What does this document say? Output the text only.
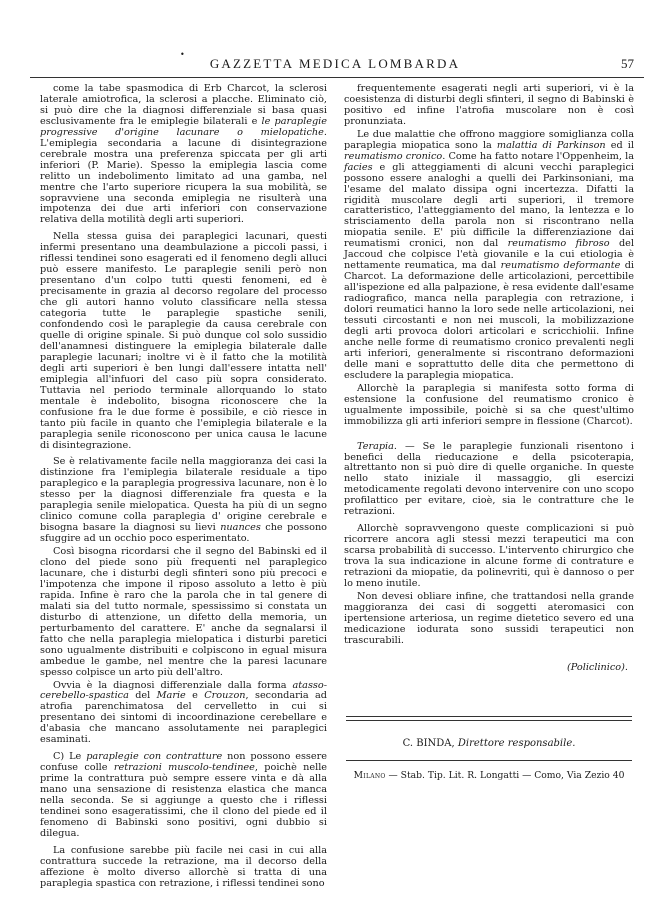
•
GAZZETTA MEDICA LOMBARDA	57

come la tabe spasmodica di Erb Charcot, la sclerosi laterale amiotrofica, la sclerosi a placche. Eliminato ciò, si può dire che la diagnosi differenziale si basa quasi esclusivamente fra le emiplegie bilaterali e le paraplegie progressive d'origine lacunare o mielopatiche. L'emiplegia secondaria a lacune di disintegrazione cerebrale mostra una preferenza spiccata per gli arti inferiori (P. Marie). Spesso la emiplegia lascia come relitto un indebolimento limitato ad una gamba, nel mentre che l'arto superiore ricupera la sua mobilità, se sopravviene una seconda emiplegia ne risulterà una impotenza dei due arti inferiori con conservazione relativa della motilità degli arti superiori.

Nella stessa guisa dei paraplegici lacunari, questi infermi presentano una deambulazione a piccoli passi, i riflessi tendinei sono esagerati ed il fenomeno degli alluci può essere manifesto. Le paraplegie senili però non presentano d'un colpo tutti questi fenomeni, ed è precisamente in grazia al decorso regolare del processo che gli autori hanno voluto classificare nella stessa categoria tutte le paraplegie spastiche senili, confondendo così le paraplegie da causa cerebrale con quelle di origine spinale. Si può dunque col solo sussidio dell'anamnesi distinguere la emiplegia bilaterale dalle paraplegie lacunari; inoltre vi è il fatto che la motilità degli arti superiori è ben lungi dall'essere intatta nell' emiplegia all'infuori del caso più sopra considerato. Tuttavia nel periodo terminale allorquando lo stato mentale è indebolito, bisogna riconoscere che la confusione fra le due forme è possibile, e ciò riesce in tanto più facile in quanto che l'emiplegia bilaterale e la paraplegia senile riconoscono per unica causa le lacune di disintegrazione.

Se è relativamente facile nella maggioranza dei casi la distinzione fra l'emiplegia bilaterale residuale a tipo paraplegico e la paraplegia progressiva lacunare, non è lo stesso per la diagnosi differenziale fra questa e la paraplegia senile mielopatica. Questa ha più di un segno clinico comune colla paraplegia d' origine cerebrale e bisogna basare la diagnosi su lievi nuances che possono sfuggire ad un occhio poco esperimentato.

Così bisogna ricordarsi che il segno del Babinski ed il clono del piede sono più frequenti nel paraplegico lacunare, che i disturbi degli sfinteri sono più precoci e l'impotenza che impone il riposo assoluto a letto è più rapida. Infine è raro che la parola che in tal genere di malati sia del tutto normale, spessissimo si constata un disturbo di attenzione, un difetto della memoria, un perturbamento del carattere. E' anche da segnalarsi il fatto che nella paraplegia mielopatica i disturbi paretici sono ugualmente distribuiti e colpiscono in egual misura ambedue le gambe, nel mentre che la paresi lacunare spesso colpisce un arto più dell'altro.

Ovvia è la diagnosi differenziale dalla forma atasso-cerebello-spastica del Marie e Crouzon, secondaria ad atrofia parenchimatosa del cervelletto in cui si presentano dei sintomi di incoordinazione cerebellare e d'abasia che mancano assolutamente nei paraplegici esaminati.

C) Le paraplegie con contratture non possono essere confuse colle retrazioni muscolo-tendinee, poichè nelle prime la contrattura può sempre essere vinta e dà alla mano una sensazione di resistenza elastica che manca nella seconda. Se si aggiunge a questo che i riflessi tendinei sono esageratissimi, che il clono del piede ed il fenomeno di Babinski sono positivi, ogni dubbio si dilegua.

La confusione sarebbe più facile nei casi in cui alla contrattura succede la retrazione, ma il decorso della affezione è molto diverso allorchè si tratta di una paraplegia spastica con retrazione, i riflessi tendinei sono

frequentemente esagerati negli arti superiori, vi è la coesistenza di disturbi degli sfinteri, il segno di Babinski è positivo ed infine l'atrofia muscolare non è così pronunziata.

Le due malattie che offrono maggiore somiglianza colla paraplegia miopatica sono la malattia di Parkinson ed il reumatismo cronico. Come ha fatto notare l'Oppenheim, la facies e gli atteggiamenti di alcuni vecchi paraplegici possono essere analoghi a quelli dei Parkinsoniani, ma l'esame del malato dissipa ogni incertezza. Difatti la rigidità muscolare degli arti superiori, il tremore caratteristico, l'atteggiamento del mano, la lentezza e lo strisciamento della parola non si riscontrano nella miopatia senile. E' più difficile la differenziazione dai reumatismi cronici, non dal reumatismo fibroso del Jaccoud che colpisce l'età giovanile e la cui etiologia è nettamente reumatica, ma dal reumatismo deformante di Charcot. La deformazione delle articolazioni, percettibile all'ispezione ed alla palpazione, è resa evidente dall'esame radiografico, manca nella paraplegia con retrazione, i dolori reumatici hanno la loro sede nelle articolazioni, nei tessuti circostanti e non nei muscoli, la mobilizzazione degli arti provoca dolori articolari e scricchiolii. Infine anche nelle forme di reumatismo cronico prevalenti negli arti inferiori, generalmente si riscontrano deformazioni delle mani e soprattutto delle dita che permettono di escludere la paraplegia miopatica.

Allorchè la paraplegia si manifesta sotto forma di estensione la confusione del reumatismo cronico è ugualmente impossibile, poichè si sa che quest'ultimo immobilizza gli arti inferiori sempre in flessione (Charcot).

Terapia. — Se le paraplegie funzionali risentono i benefici della rieducazione e della psicoterapia, altrettanto non si può dire di quelle organiche. In queste nello stato iniziale il massaggio, gli esercizi metodicamente regolati devono intervenire con uno scopo profilattico per evitare, cioè, sia le contratture che le retrazioni.

Allorchè sopravvengono queste complicazioni si può ricorrere ancora agli stessi mezzi terapeutici ma con scarsa probabilità di successo. L'intervento chirurgico che trova la sua indicazione in alcune forme di contrature e retrazioni da miopatie, da polinevriti, quì è dannoso o per lo meno inutile.

Non devesi obliare infine, che trattandosi nella grande maggioranza dei casi di soggetti ateromasici con ipertensione arteriosa, un regime dietetico severo ed una medicazione iodurata sono sussidi terapeutici non trascurabili.

(Policlinico).
C. BINDA, Direttore responsabile.
Milano — Stab. Tip. Lit. R. Longatti — Como, Via Zezio 40
